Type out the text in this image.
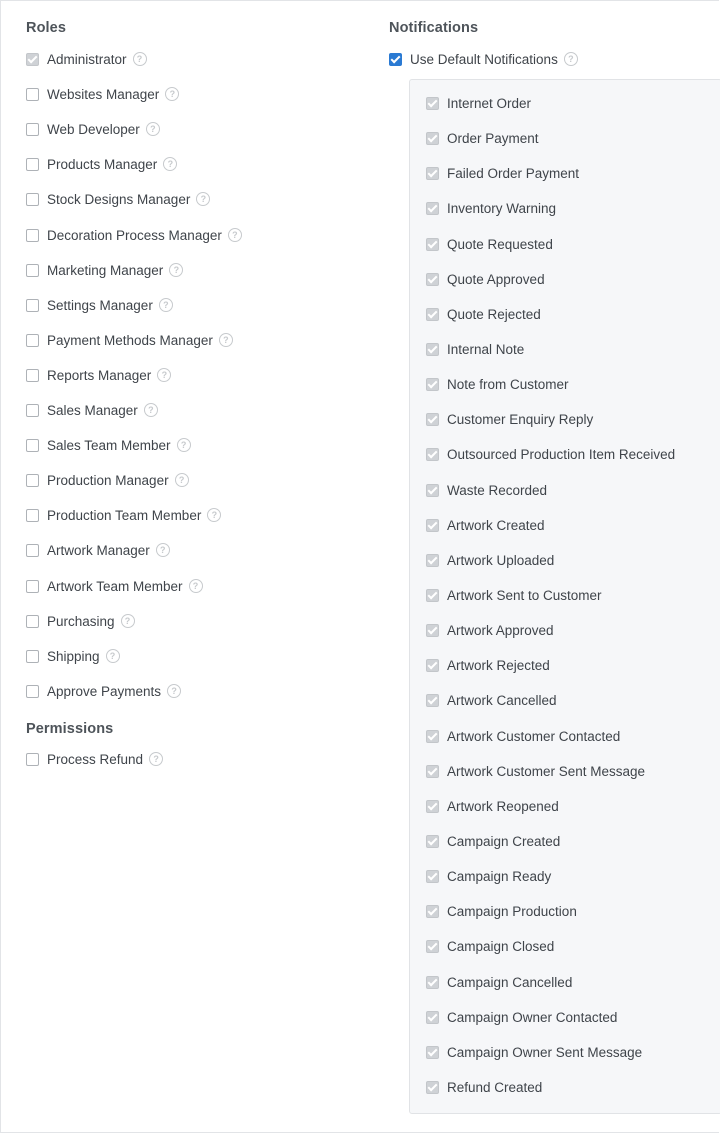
Roles
Administrator	?
Websites Manager	?
Web Developer	?
Products Manager	?
Stock Designs Manager	?
Decoration Process Manager	?
Marketing Manager	?
Settings Manager	?
Payment Methods Manager	?
Reports Manager	?
Sales Manager	?
Sales Team Member	?
Production Manager	?
Production Team Member	?
Artwork Manager	?
Artwork Team Member	?
Purchasing	?
Shipping	?
Approve Payments	?
Permissions
Process Refund	?
Notifications
Use Default Notifications	?
Internet Order
Order Payment
Failed Order Payment
Inventory Warning
Quote Requested
Quote Approved
Quote Rejected
Internal Note
Note from Customer
Customer Enquiry Reply
Outsourced Production Item Received
Waste Recorded
Artwork Created
Artwork Uploaded
Artwork Sent to Customer
Artwork Approved
Artwork Rejected
Artwork Cancelled
Artwork Customer Contacted
Artwork Customer Sent Message
Artwork Reopened
Campaign Created
Campaign Ready
Campaign Production
Campaign Closed
Campaign Cancelled
Campaign Owner Contacted
Campaign Owner Sent Message
Refund Created
